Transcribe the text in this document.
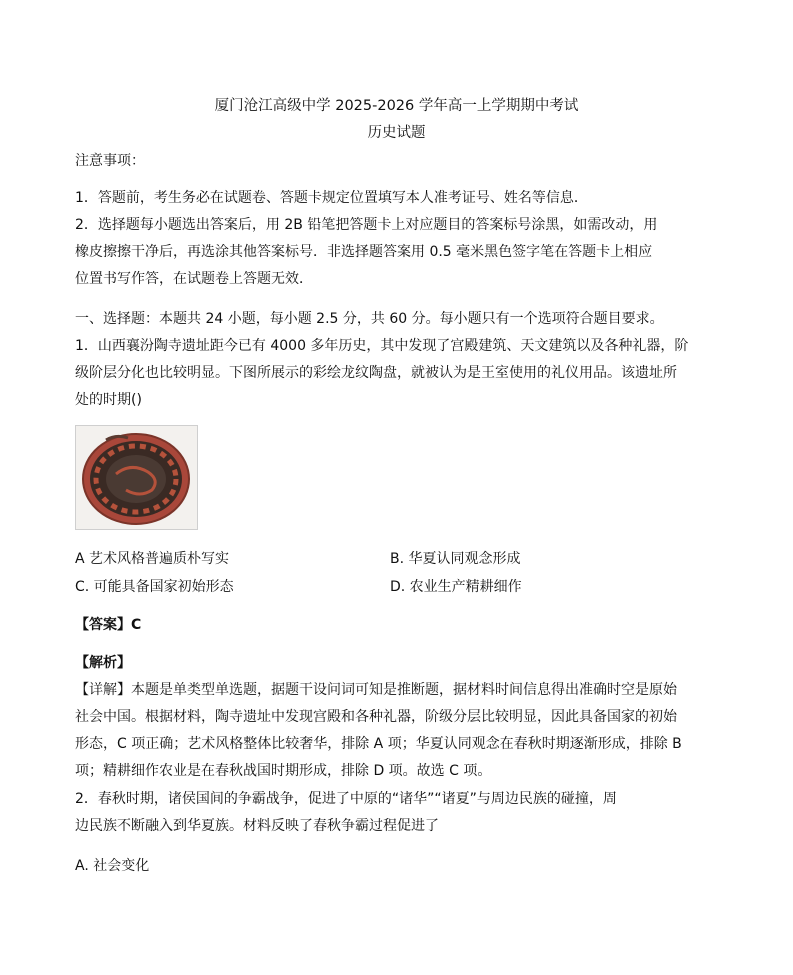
厦门沧江高级中学 2025-2026 学年高一上学期期中考试
历史试题
注意事项：
1．答题前，考生务必在试题卷、答题卡规定位置填写本人准考证号、姓名等信息．
2．选择题每小题选出答案后，用 2B 铅笔把答题卡上对应题目的答案标号涂黑，如需改动，用
橡皮擦擦干净后，再选涂其他答案标号．非选择题答案用 0.5 毫米黑色签字笔在答题卡上相应
位置书写作答，在试题卷上答题无效．
一、选择题：本题共 24 小题，每小题 2.5 分，共 60 分。每小题只有一个选项符合题目要求。
1．山西襄汾陶寺遗址距今已有 4000 多年历史，其中发现了宫殿建筑、天文建筑以及各种礼器，阶
级阶层分化也比较明显。下图所展示的彩绘龙纹陶盘，就被认为是王室使用的礼仪用品。该遗址所
处的时期()
A 艺术风格普遍质朴写实	B. 华夏认同观念形成
C. 可能具备国家初始形态	D. 农业生产精耕细作
【答案】C
【解析】
【详解】本题是单类型单选题，据题干设问词可知是推断题，据材料时间信息得出准确时空是原始
社会中国。根据材料，陶寺遗址中发现宫殿和各种礼器，阶级分层比较明显，因此具备国家的初始
形态，C 项正确；艺术风格整体比较奢华，排除 A 项；华夏认同观念在春秋时期逐渐形成，排除 B
项；精耕细作农业是在春秋战国时期形成，排除 D 项。故选 C 项。
2．春秋时期，诸侯国间的争霸战争，促进了中原的“诸华”“诸夏”与周边民族的碰撞，周
边民族不断融入到华夏族。材料反映了春秋争霸过程促进了
A. 社会变化
